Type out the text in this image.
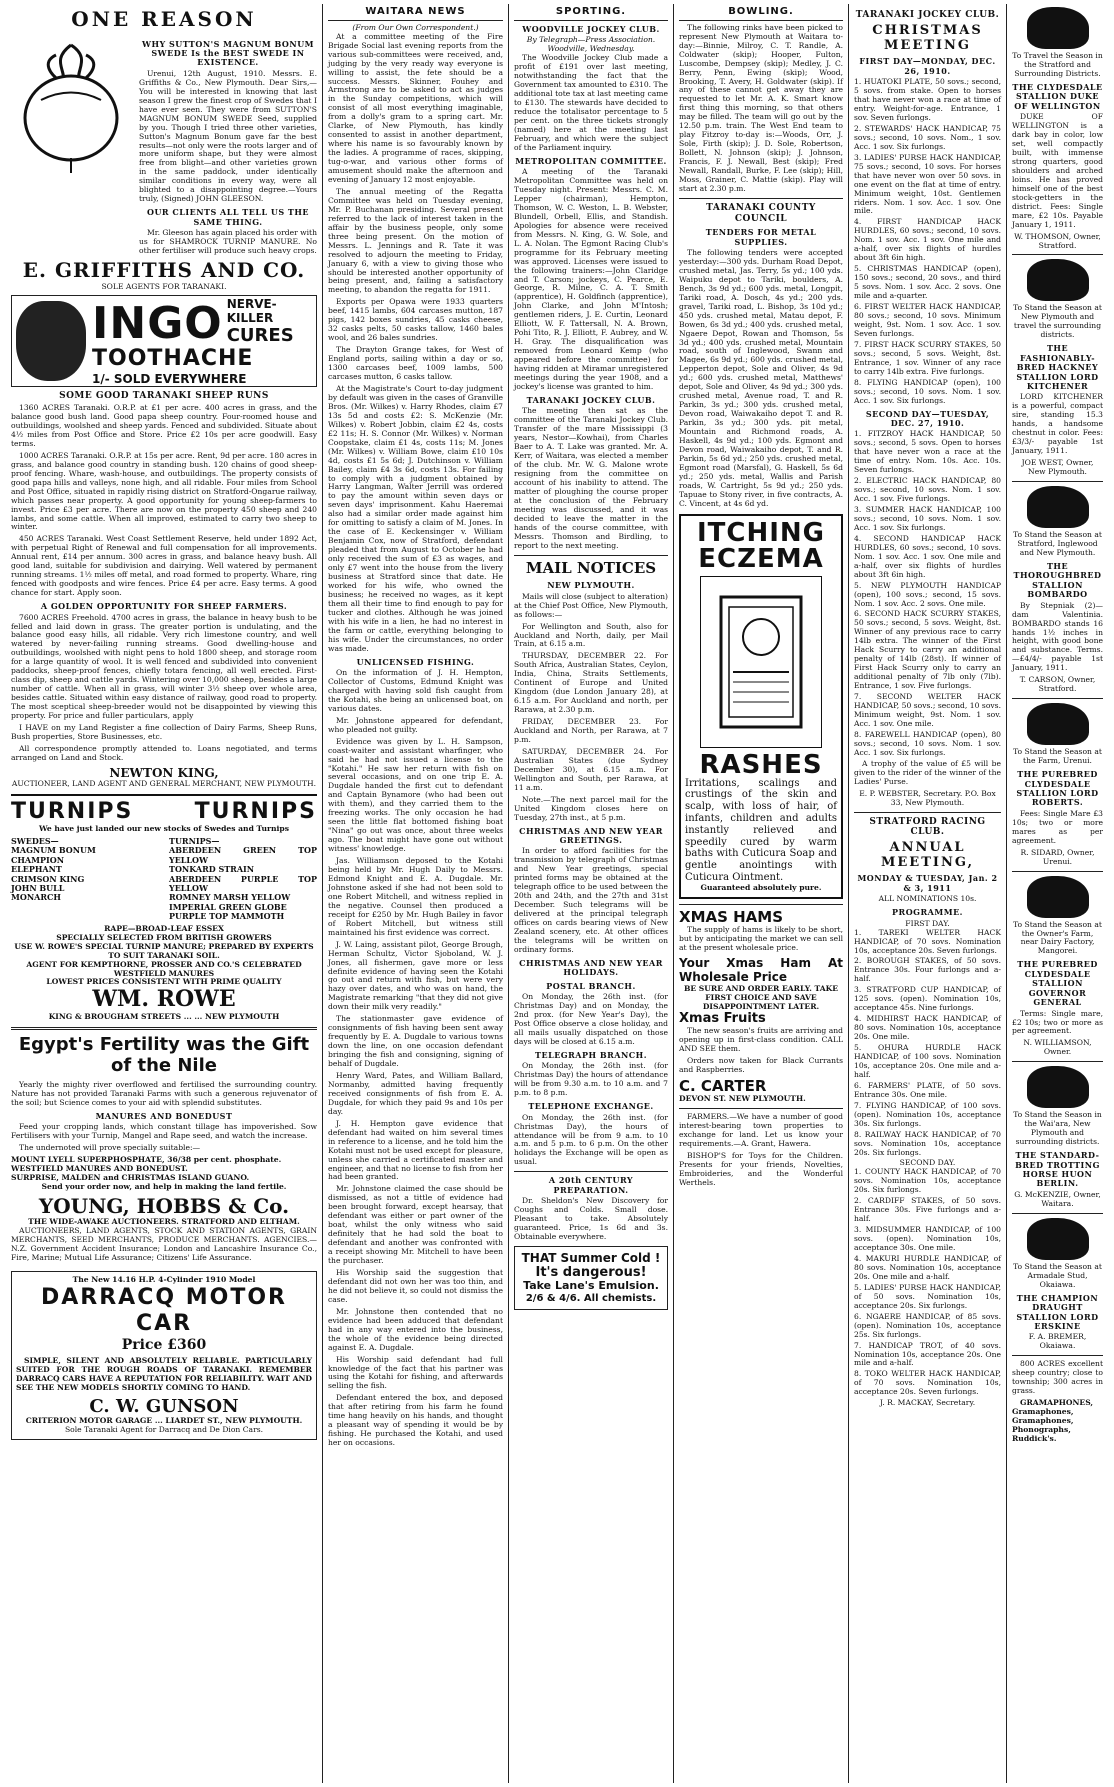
ONE REASON
WHY SUTTON'S MAGNUM BONUM SWEDE Is the BEST SWEDE IN EXISTENCE.

Urenui, 12th August, 1910. Messrs. E. Griffiths & Co., New Plymouth. Dear Sirs,—You will be interested in knowing that last season I grew the finest crop of Swedes that I have ever seen. They were from SUTTON'S MAGNUM BONUM SWEDE Seed, supplied by you. Though I tried three other varieties, Sutton's Magnum Bonum gave far the best results—not only were the roots larger and of more uniform shape, but they were almost free from blight—and other varieties grown in the same paddock, under identically similar conditions in every way, were all blighted to a disappointing degree.—Yours truly, (Signed) JOHN GLEESON.

OUR CLIENTS ALL TELL US THE SAME THING.

Mr. Gleeson has again placed his order with us for SHAMROCK TURNIP MANURE. No other fertiliser will produce such heavy crops.

E. GRIFFITHS AND CO.
SOLE AGENTS FOR TARANAKI.
INGO NERVE-KILLER
CURES
TOOTHACHE
1/- SOLD EVERYWHERE
SOME GOOD TARANAKI SHEEP RUNS

1360 ACRES Taranaki. O.R.P. at £1 per acre. 400 acres in grass, and the balance good bush land. Good papa sheep country. Four-roomed house and outbuildings, woolshed and sheep yards. Fenced and subdivided. Situate about 4½ miles from Post Office and Store. Price £2 10s per acre goodwill. Easy terms.

1000 ACRES Taranaki. O.R.P. at 15s per acre. Rent, 9d per acre. 180 acres in grass, and balance good country in standing bush. 120 chains of good sheep-proof fencing. Whare, wash-house, and outbuildings. The property consists of good papa hills and valleys, none high, and all ridable. Four miles from School and Post Office, situated in rapidly rising district on Stratford-Ongarue railway, which passes near property. A good opportunity for young sheep-farmers to invest. Price £3 per acre. There are now on the property 450 sheep and 240 lambs, and some cattle. When all improved, estimated to carry two sheep to winter.

450 ACRES Taranaki. West Coast Settlement Reserve, held under 1892 Act, with perpetual Right of Renewal and full compensation for all improvements. Annual rent, £14 per annum. 300 acres in grass, and balance heavy bush. All good land, suitable for subdivision and dairying. Well watered by permanent running streams. 1½ miles off metal, and road formed to property. Whare, ring fenced with goodposts and wire fences. Price £4 per acre. Easy terms. A good chance for start. Apply soon.

A GOLDEN OPPORTUNITY FOR SHEEP FARMERS.

7600 ACRES Freehold. 4700 acres in grass, the balance in heavy bush to be felled and laid down in grass. The greater portion is undulating, and the balance good easy hills, all ridable. Very rich limestone country, and well watered by never-failing running streams. Good dwelling-house and outbuildings, woolshed with night pens to hold 1800 sheep, and storage room for a large quantity of wool. It is well fenced and subdivided into convenient paddocks, sheep-proof fences, chiefly totara fencing, all well erected. First-class dip, sheep and cattle yards. Wintering over 10,000 sheep, besides a large number of cattle. When all in grass, will winter 3½ sheep over whole area, besides cattle. Situated within easy distance of railway, good road to property. The most sceptical sheep-breeder would not be disappointed by viewing this property. For price and fuller particulars, apply

I HAVE on my Land Register a fine collection of Dairy Farms, Sheep Runs, Bush properties, Store Businesses, etc.

All correspondence promptly attended to. Loans negotiated, and terms arranged on Land and Stock.

NEWTON KING,
AUCTIONEER, LAND AGENT AND GENERAL MERCHANT, NEW PLYMOUTH.
TURNIPS	TURNIPS
We have just landed our new stocks of Swedes and Turnips
SWEDES—
MAGNUM BONUM
CHAMPION
ELEPHANT
CRIMSON KING
JOHN BULL
MONARCH
TURNIPS—
ABERDEEN GREEN TOP YELLOW
TONKARD STRAIN
ABERDEEN PURPLE TOP YELLOW
ROMNEY MARSH YELLOW
IMPERIAL GREEN GLOBE
PURPLE TOP MAMMOTH
RAPE—BROAD-LEAF ESSEX
SPECIALLY SELECTED FROM BRITISH GROWERS
USE W. ROWE'S SPECIAL TURNIP MANURE; PREPARED BY EXPERTS TO SUIT TARANAKI SOIL.
AGENT FOR KEMPTHORNE, PROSSER AND CO.'S CELEBRATED WESTFIELD MANURES
LOWEST PRICES CONSISTENT WITH PRIME QUALITY
WM. ROWE
KING & BROUGHAM STREETS ... ... NEW PLYMOUTH
Egypt's Fertility was the Gift of the Nile

Yearly the mighty river overflowed and fertilised the surrounding country. Nature has not provided Taranaki Farms with such a generous rejuvenator of the soil; but Science comes to your aid with splendid substitutes.

MANURES AND BONEDUST

Feed your cropping lands, which constant tillage has impoverished. Sow Fertilisers with your Turnip, Mangel and Rape seed, and watch the increase.

The undernoted will prove specially suitable:—

MOUNT LYELL SUPERPHOSPHATE, 36/38 per cent. phosphate.
WESTFIELD MANURES AND BONEDUST.
SURPRISE, MALDEN and CHRISTMAS ISLAND GUANO.
Send your order now, and help in making the land fertile.
YOUNG, HOBBS & Co.
THE WIDE-AWAKE AUCTIONEERS. STRATFORD AND ELTHAM.

AUCTIONEERS, LAND AGENTS, STOCK AND STATION AGENTS, GRAIN MERCHANTS, SEED MERCHANTS, PRODUCE MERCHANTS. AGENCIES.—N.Z. Government Accident Insurance; London and Lancashire Insurance Co., Fire, Marine; Mutual Life Assurance; Citizens' Life Assurance.

The New 14.16 H.P. 4-Cylinder 1910 Model
DARRACQ MOTOR CAR
Price £360

SIMPLE, SILENT AND ABSOLUTELY RELIABLE. PARTICULARLY SUITED FOR THE ROUGH ROADS OF TARANAKI. REMEMBER DARRACQ CARS HAVE A REPUTATION FOR RELIABILITY. WAIT AND SEE THE NEW MODELS SHORTLY COMING TO HAND.

C. W. GUNSON
CRITERION MOTOR GARAGE ... LIARDET ST., NEW PLYMOUTH.
Sole Taranaki Agent for Darracq and De Dion Cars.
WAITARA NEWS
(From Our Own Correspondent.)

At a committee meeting of the Fire Brigade Social last evening reports from the various sub-committees were received, and, judging by the very ready way everyone is willing to assist, the fete should be a success. Messrs. Skinner, Fouhey and Armstrong are to be asked to act as judges in the Sunday competitions, which will consist of all most everything imaginable, from a dolly's gram to a spring cart. Mr. Clarke, of New Plymouth, has kindly consented to assist in another department, where his name is so favourably known by the ladies. A programme of races, skipping, tug-o-war, and various other forms of amusement should make the afternoon and evening of January 12 most enjoyable.

The annual meeting of the Regatta Committee was held on Tuesday evening, Mr. P. Buchanan presiding. Several present referred to the lack of interest taken in the affair by the business people, only some three being present. On the motion of Messrs. L. Jennings and R. Tate it was resolved to adjourn the meeting to Friday, January 6, with a view to giving those who should be interested another opportunity of being present, and, failing a satisfactory meeting, to abandon the regatta for 1911.

Exports per Opawa were 1933 quarters beef, 1415 lambs, 604 carcases mutton, 187 pigs, 142 boxes sundries, 45 casks cheese, 32 casks pelts, 50 casks tallow, 1460 bales wool, and 26 bales sundries.

The Drayton Grange takes, for West of England ports, sailing within a day or so, 1300 carcases beef, 1009 lambs, 500 carcases mutton, 6 casks tallow.

At the Magistrate's Court to-day judgment by default was given in the cases of Granville Bros. (Mr. Wilkes) v. Harry Rhodes, claim £7 13s 5d and costs £2: S. McKenzie (Mr. Wilkes) v. Robert Jobbin, claim £2 4s, costs £2 11s; H. S. Connor (Mr. Wilkes) v. Norman Coopstake, claim £1 4s, costs 11s; M. Jones (Mr. Wilkes) v. William Bowe, claim £10 10s 4d, costs £1 5s 6d; J. Dutchinson v. William Bailey, claim £4 3s 6d, costs 13s. For failing to comply with a judgment obtained by Harry Langman, Walter Jerrill was ordered to pay the amount within seven days or seven days' imprisonment. Kahu Haeremai also had a similar order made against him for omitting to satisfy a claim of M. Jones. In the case of E. Keckensinger v. William Benjamin Cox, now of Stratford, defendant pleaded that from August to October he had only received the sum of £3 as wages, and only £7 went into the house from the livery business at Stratford since that date. He worked for his wife, who owned the business; he received no wages, as it kept them all their time to find enough to pay for tucker and clothes. Although he was joined with his wife in a lien, he had no interest in the farm or cattle, everything belonging to his wife. Under the circumstances, no order was made.

UNLICENSED FISHING.

On the information of J. H. Hempton, Collector of Customs, Edmund Knight was charged with having sold fish caught from the Kotahi, she being an unlicensed boat, on various dates.

Mr. Johnstone appeared for defendant, who pleaded not guilty.

Evidence was given by L. H. Sampson, coast-waiter and assistant wharfinger, who said he had not issued a license to the "Kotahi." He saw her return with fish on several occasions, and on one trip E. A. Dugdale handed the first cut to defendant and Captain Bynamore (who had been out with them), and they carried them to the freezing works. The only occasion he had seen the little flat bottomed fishing boat "Nina" go out was once, about three weeks ago. The boat might have gone out without witness' knowledge.

Jas. Williamson deposed to the Kotahi being held by Mr. Hugh Daily to Messrs. Edmond Knight and E. A. Dugdale. Mr. Johnstone asked if she had not been sold to one Robert Mitchell, and witness replied in the negative. Counsel then produced a receipt for £250 by Mr. Hugh Bailey in favor of Robert Mitchell, but witness still maintained his first evidence was correct.

J. W. Laing, assistant pilot, George Brough, Herman Schultz, Victor Sjoboland, W. J. Jones, all fishermen, gave more or less definite evidence of having seen the Kotahi go out and return with fish, but were very hazy over dates, and who was on hand, the Magistrate remarking "that they did not give down their milk very readily."

The stationmaster gave evidence of consignments of fish having been sent away frequently by E. A. Dugdale to various towns down the line, on one occasion defendant bringing the fish and consigning, signing of behalf of Dugdale.

Henry Ward, Pates, and William Ballard, Normanby, admitted having frequently received consignments of fish from E. A. Dugdale, for which they paid 9s and 10s per day.

J. H. Hempton gave evidence that defendant had waited on him several times in reference to a license, and he told him the Kotahi must not be used except for pleasure, unless she carried a certificated master and engineer, and that no license to fish from her had been granted.

Mr. Johnstone claimed the case should be dismissed, as not a tittle of evidence had been brought forward, except hearsay, that defendant was either or part owner of the boat, whilst the only witness who said definitely that he had sold the boat to defendant and another was confronted with a receipt showing Mr. Mitchell to have been the purchaser.

His Worship said the suggestion that defendant did not own her was too thin, and he did not believe it, so could not dismiss the case.

Mr. Johnstone then contended that no evidence had been adduced that defendant had in any way entered into the business, the whole of the evidence being directed against E. A. Dugdale.

His Worship said defendant had full knowledge of the fact that his partner was using the Kotahi for fishing, and afterwards selling the fish.

Defendant entered the box, and deposed that after retiring from his farm he found time hang heavily on his hands, and thought a pleasant way of spending it would be by fishing. He purchased the Kotahi, and used her on occasions.

SPORTING.
WOODVILLE JOCKEY CLUB.
By Telegraph—Press Association. Woodville, Wednesday.

The Woodville Jockey Club made a profit of £191 over last meeting, notwithstanding the fact that the Government tax amounted to £310. The additional tote tax at last meeting came to £130. The stewards have decided to reduce the totalisator percentage to 5 per cent. on the three tickets strongly (named) here at the meeting last February, and which were the subject of the Parliament inquiry.

METROPOLITAN COMMITTEE.

A meeting of the Taranaki Metropolitan Committee was held on Tuesday night. Present: Messrs. C. M. Lepper (chairman), Hempton, Thomson, W. C. Weston, L. B. Webster, Blundell, Orbell, Ellis, and Standish. Apologies for absence were received from Messrs. N. King, G. W. Sole, and L. A. Nolan. The Egmont Racing Club's programme for its February meeting was approved. Licenses were issued to the following trainers:—John Claridge and T. Carson; jockeys, C. Pearce, E. George, R. Milne, C. A. T. Smith (apprentice), H. Goldfinch (apprentice), John Clarke, and John M'Intosh; gentlemen riders, J. E. Curtin, Leonard Elliott, W. F. Tattersall, N. A. Brown, Pohi Tito, R. J. Elliott, F. Aubrey, and W. H. Gray. The disqualification was removed from Leonard Kemp (who appeared before the committee) for having ridden at Miramar unregistered meetings during the year 1908, and a jockey's license was granted to him.

TARANAKI JOCKEY CLUB.

The meeting then sat as the committee of the Taranaki Jockey Club. Transfer of the mare Mississippi (3 years, Nestor—Kowhai), from Charles Baer to A. T. Lake was granted. Mr. A. Kerr, of Waitara, was elected a member of the club. Mr. W. G. Malone wrote resigning from the committee on account of his inability to attend. The matter of ploughing the course proper at the conclusion of the February meeting was discussed, and it was decided to leave the matter in the hands of the course committee, with Messrs. Thomson and Birdling, to report to the next meeting.

MAIL NOTICES
NEW PLYMOUTH.

Mails will close (subject to alteration) at the Chief Post Office, New Plymouth, as follows:—

For Wellington and South, also for Auckland and North, daily, per Mail Train, at 6.15 a.m.

THURSDAY, DECEMBER 22. For South Africa, Australian States, Ceylon, India, China, Straits Settlements, Continent of Europe and United Kingdom (due London January 28), at 6.15 a.m. For Auckland and north, per Rarawa, at 2.30 p.m.

FRIDAY, DECEMBER 23. For Auckland and North, per Rarawa, at 7 p.m.

SATURDAY, DECEMBER 24. For Australian States (due Sydney December 30), at 6.15 a.m. For Wellington and South, per Rarawa, at 11 a.m.

Note.—The next parcel mail for the United Kingdom closes here on Tuesday, 27th inst., at 5 p.m.

CHRISTMAS AND NEW YEAR GREETINGS.

In order to afford facilities for the transmission by telegraph of Christmas and New Year greetings, special printed forms may be obtained at the telegraph office to be used between the 20th and 24th, and the 27th and 31st December. Such telegrams will be delivered at the principal telegraph offices on cards bearing views of New Zealand scenery, etc. At other offices the telegrams will be written on ordinary forms.

CHRISTMAS AND NEW YEAR HOLIDAYS.
POSTAL BRANCH.

On Monday, the 26th inst. (for Christmas Day) and on Monday, the 2nd prox. (for New Year's Day), the Post Office observe a close holiday, and all mails usually dispatched on those days will be closed at 6.15 a.m.

TELEGRAPH BRANCH.

On Monday, the 26th inst. (for Christmas Day) the hours of attendance will be from 9.30 a.m. to 10 a.m. and 7 p.m. to 8 p.m.

TELEPHONE EXCHANGE.

On Monday, the 26th inst. (for Christmas Day), the hours of attendance will be from 9 a.m. to 10 a.m. and 5 p.m. to 6 p.m. On the other holidays the Exchange will be open as usual.

A 20th CENTURY PREPARATION.

Dr. Sheldon's New Discovery for Coughs and Colds. Small dose. Pleasant to take. Absolutely guaranteed. Price, 1s 6d and 3s. Obtainable everywhere.

THAT Summer Cold !
It's dangerous!
Take Lane's Emulsion.
2/6 & 4/6. All chemists.
BOWLING.

The following rinks have been picked to represent New Plymouth at Waitara to-day:—Binnie, Milroy, C. T. Randle, A. Coldwater (skip); Hooper, Fulton, Luscombe, Dempsey (skip); Medley, J. C. Berry, Penn, Ewing (skip); Wood, Brooking, T. Avery, H. Goldwater (skip). If any of these cannot get away they are requested to let Mr. A. K. Smart know first thing this morning, so that others may be filled. The team will go out by the 12.50 p.m. train. The West End team to play Fitzroy to-day is:—Woods, Orr, J. Sole, Firth (skip); J. D. Sole, Robertson, Bollett, N. Johnson (skip); J. Johnson, Francis, F. J. Newall, Best (skip); Fred Newall, Randall, Burke, F. Lee (skip); Hill, Moss, Grainer, C. Mattie (skip). Play will start at 2.30 p.m.

TARANAKI COUNTY COUNCIL
TENDERS FOR METAL SUPPLIES.

The following tenders were accepted yesterday:—300 yds. Durham Road Depot, crushed metal, Jas. Terry, 5s yd.; 100 yds. Waipuku depot to Tariki, boulders, A. Bench, 3s 9d yd.; 600 yds. metal, Longpit, Tariki road, A. Dosch, 4s yd.; 200 yds. gravel, Tariki road, L. Bishop, 3s 10d yd.; 450 yds. crushed metal, Matau depot, F. Bowen, 6s 3d yd.; 400 yds. crushed metal, Ngaere Depot, Rowan and Thomson, 5s 3d yd.; 400 yds. crushed metal, Mountain road, south of Inglewood, Swann and Magee, 6s 9d yd.; 600 yds. crushed metal, Lepperton depot, Sole and Oliver, 4s 9d yd.; 600 yds. crushed metal, Matthews' depot, Sole and Oliver, 4s 9d yd.; 300 yds. crushed metal, Avenue road, T. and R. Parkin, 3s yd.; 300 yds. crushed metal, Devon road, Waiwakaiho depot T. and R. Parkin, 3s yd.; 300 yds. pit metal, Mountain and Richmond roads, A. Haskell, 4s 9d yd.; 100 yds. Egmont and Devon road, Waiwakaiho depot, T. and R. Parkin, 5s 6d yd.; 250 yds. crushed metal, Egmont road (Marsfal), G. Haskell, 5s 6d yd.; 250 yds. metal, Wallis and Parish roads, W. Cartright, 5s 9d yd.; 250 yds. Tapuae to Stony river, in five contracts, A. C. Vincent, at 4s 6d yd.

ITCHING
ECZEMA
RASHES
Irritations, scalings and crustings of the skin and scalp, with loss of hair, of infants, children and adults instantly relieved and speedily cured by warm baths with Cuticura Soap and gentle anointings with Cuticura Ointment.
Guaranteed absolutely pure.
XMAS HAMS

The supply of hams is likely to be short, but by anticipating the market we can sell at the present wholesale price.

Your Xmas Ham At Wholesale Price
BE SURE AND ORDER EARLY. TAKE FIRST CHOICE AND SAVE DISAPPOINTMENT LATER.
Xmas Fruits

The new season's fruits are arriving and opening up in first-class condition. CALL AND SEE them.

Orders now taken for Black Currants and Raspberries.

C. CARTER
DEVON ST. NEW PLYMOUTH.

FARMERS.—We have a number of good interest-bearing town properties to exchange for land. Let us know your requirements.—A. Grant, Hawera.

BISHOP'S for Toys for the Children. Presents for your friends, Novelties, Embroideries, and the Wonderful Werthels.

TARANAKI JOCKEY CLUB.
CHRISTMAS MEETING
FIRST DAY—MONDAY, DEC. 26, 1910.
1. HUATOKI PLATE, 50 sovs.; second, 5 sovs. from stake. Open to horses that have never won a race at time of entry. Weight-for-age. Entrance, 1 sov. Seven furlongs.
2. STEWARDS' HACK HANDICAP, 75 sovs.; second, 10 sovs. Nom., 1 sov. Acc. 1 sov. Six furlongs.
3. LADIES' PURSE HACK HANDICAP, 75 sovs.; second, 10 sovs. For horses that have never won over 50 sovs. in one event on the flat at time of entry. Minimum weight, 10st. Gentlemen riders. Nom. 1 sov. Acc. 1 sov. One mile.
4. FIRST HANDICAP HACK HURDLES, 60 sovs.; second, 10 sovs. Nom. 1 sov. Acc. 1 sov. One mile and a-half, over six flights of hurdles about 3ft 6in high.
5. CHRISTMAS HANDICAP (open), 150 sovs.; second, 20 sovs., and third 5 sovs. Nom. 1 sov. Acc. 2 sovs. One mile and a-quarter.
6. FIRST WELTER HACK HANDICAP, 80 sovs.; second, 10 sovs. Minimum weight, 9st. Nom. 1 sov. Acc. 1 sov. Seven furlongs.
7. FIRST HACK SCURRY STAKES, 50 sovs.; second, 5 sovs. Weight, 8st. Entrance, 1 sov. Winner of any race to carry 14lb extra. Five furlongs.
8. FLYING HANDICAP (open), 100 sovs.; second, 10 sovs. Nom. 1 sov. Acc. 1 sov. Six furlongs.
SECOND DAY—TUESDAY, DEC. 27, 1910.
1. FITZROY HACK HANDICAP, 50 sovs.; second, 5 sovs. Open to horses that have never won a race at the time of entry. Nom. 10s. Acc. 10s. Seven furlongs.
2. ELECTRIC HACK HANDICAP, 80 sovs.; second, 10 sovs. Nom. 1 sov. Acc. 1 sov. Five furlongs.
3. SUMMER HACK HANDICAP, 100 sovs.; second, 10 sovs. Nom. 1 sov. Acc. 1 sov. Six furlongs.
4. SECOND HANDICAP HACK HURDLES, 60 sovs.; second, 10 sovs. Nom. 1 sov. Acc. 1 sov. One mile and a-half, over six flights of hurdles about 3ft 6in high.
5. NEW PLYMOUTH HANDICAP (open), 100 sovs.; second, 15 sovs. Nom. 1 sov. Acc. 2 sovs. One mile.
6. SECOND HACK SCURRY STAKES, 50 sovs.; second, 5 sovs. Weight, 8st. Winner of any previous race to carry 14lb extra. The winner of the First Hack Scurry to carry an additional penalty of 14lb (28st). If winner of First Hack Scurry only to carry an additional penalty of 7lb only (7lb). Entrance, 1 sov. Five furlongs.
7. SECOND WELTER HACK HANDICAP, 50 sovs.; second, 10 sovs. Minimum weight, 9st. Nom. 1 sov. Acc. 1 sov. One mile.
8. FAREWELL HANDICAP (open), 80 sovs.; second, 10 sovs. Nom. 1 sov. Acc. 1 sov. Six furlongs.

A trophy of the value of £5 will be given to the rider of the winner of the Ladies' Purse.

E. P. WEBSTER, Secretary. P.O. Box 33, New Plymouth.
STRATFORD RACING CLUB.
ANNUAL MEETING,
MONDAY & TUESDAY, Jan. 2 & 3, 1911
ALL NOMINATIONS 10s.
PROGRAMME.
FIRST DAY.
1. TAREKI WELTER HACK HANDICAP, of 70 sovs. Nomination 10s, acceptance 20s. Seven furlongs.
2. BOROUGH STAKES, of 50 sovs. Entrance 30s. Four furlongs and a-half.
3. STRATFORD CUP HANDICAP, of 125 sovs. (open). Nomination 10s, acceptance 45s. Nine furlongs.
4. MIDHIRST HACK HANDICAP, of 80 sovs. Nomination 10s, acceptance 20s. One mile.
5. OHURA HURDLE HACK HANDICAP, of 100 sovs. Nomination 10s, acceptance 20s. One mile and a-half.
6. FARMERS' PLATE, of 50 sovs. Entrance 30s. One mile.
7. FLYING HANDICAP, of 100 sovs. (open). Nomination 10s, acceptance 30s. Six furlongs.
8. RAILWAY HACK HANDICAP, of 70 sovs. Nomination 10s, acceptance 20s. Six furlongs.
SECOND DAY.
1. COUNTY HACK HANDICAP, of 70 sovs. Nomination 10s, acceptance 20s. Six furlongs.
2. CARDIFF STAKES, of 50 sovs. Entrance 30s. Five furlongs and a-half.
3. MIDSUMMER HANDICAP, of 100 sovs. (open). Nomination 10s, acceptance 30s. One mile.
4. MAKURI HURDLE HANDICAP, of 80 sovs. Nomination 10s, acceptance 20s. One mile and a-half.
5. LADIES' PURSE HACK HANDICAP, of 50 sovs. Nomination 10s, acceptance 20s. Six furlongs.
6. NGAERE HANDICAP, of 85 sovs. (open). Nomination 10s, acceptance 25s. Six furlongs.
7. HANDICAP TROT, of 40 sovs. Nomination 10s, acceptance 20s. One mile and a-half.
8. TOKO WELTER HACK HANDICAP, of 70 sovs. Nomination 10s, acceptance 20s. Seven furlongs.
J. R. MACKAY, Secretary.
To Travel the Season in the Stratford and Surrounding Districts.
THE CLYDESDALE STALLION DUKE OF WELLINGTON

DUKE OF WELLINGTON is a dark bay in color, low set, well compactly built, with immense strong quarters, good shoulders and arched loins. He has proved himself one of the best stock-getters in the district. Fees: Single mare, £2 10s. Payable January 1, 1911.

W. THOMSON, Owner, Stratford.
To Stand the Season at New Plymouth and travel the surrounding districts.
THE FASHIONABLY-BRED HACKNEY STALLION LORD KITCHENER

LORD KITCHENER is a powerful, compact sire, standing 15.3 hands, a handsome chestnut in color. Fees: £3/3/- payable 1st January, 1911.

JOE WEST, Owner, New Plymouth.
To Stand the Season at Stratford, Inglewood and New Plymouth.
THE THOROUGHBRED STALLION BOMBARDO

By Stepniak (2)—dam Valentinia. BOMBARDO stands 16 hands 1½ inches in height, with good bone and substance. Terms.—£4/4/- payable 1st January, 1911.

T. CARSON, Owner, Stratford.
To Stand the Season at the Farm, Urenui.
THE PUREBRED CLYDESDALE STALLION LORD ROBERTS.

Fees: Single Mare £3 10s; two or more mares as per agreement.

R. SIDARD, Owner, Urenui.
To Stand the Season at the Owner's Farm, near Dairy Factory, Mangorei.
THE PUREBRED CLYDESDALE STALLION GOVERNOR GENERAL

Terms: Single mare, £2 10s; two or more as per agreement.

N. WILLIAMSON, Owner.
To Stand the Season in the Wai'ara, New Plymouth and surrounding districts.
THE STANDARD-BRED TROTTING HORSE HUON BERLIN.
G. McKENZIE, Owner, Waitara.
To Stand the Season at Armadale Stud, Okaiawa.
THE CHAMPION DRAUGHT STALLION LORD ERSKINE
F. A. BREMER, Okaiawa.

800 ACRES excellent sheep country; close to township; 300 acres in grass.

GRAMAPHONES, Gramaphones, Gramaphones, Phonographs, Ruddick's.
